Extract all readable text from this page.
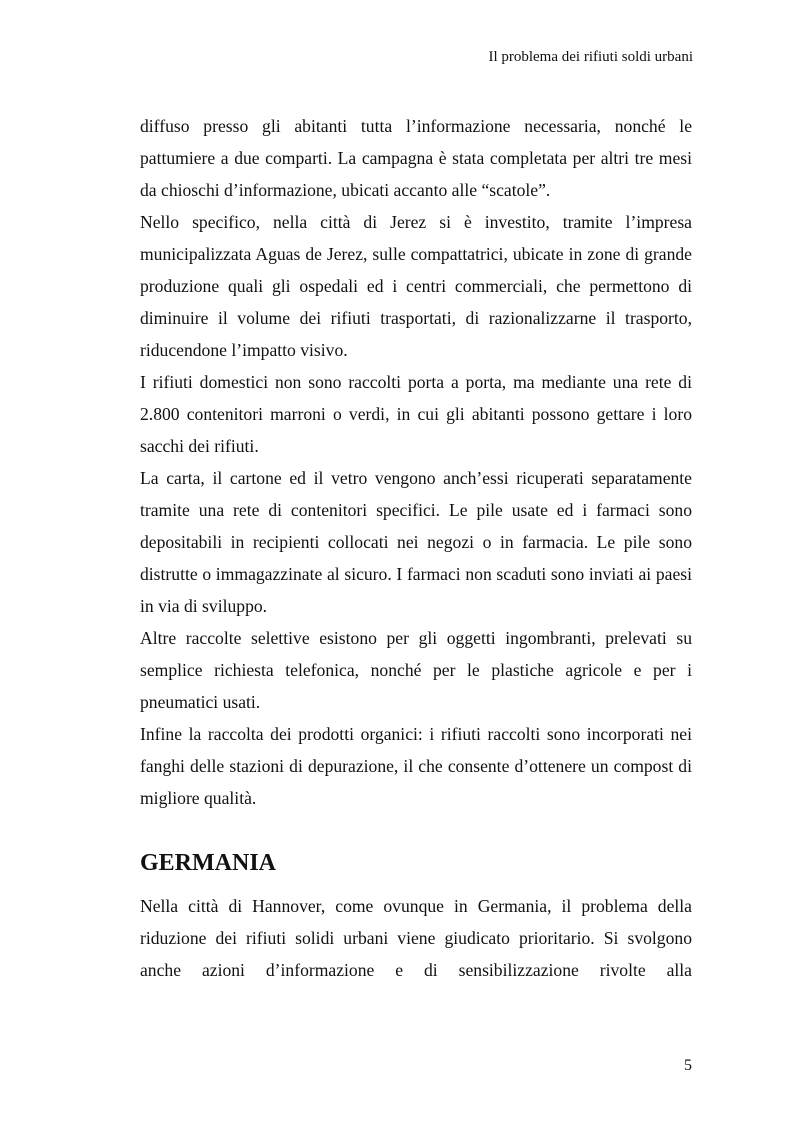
Il problema dei rifiuti soldi urbani

diffuso presso gli abitanti tutta l’informazione necessaria, nonché le pattumiere a due comparti. La campagna è stata completata per altri tre mesi da chioschi d’informazione, ubicati accanto alle “scatole”.

Nello specifico, nella città di Jerez si è investito, tramite l’impresa municipalizzata Aguas de Jerez, sulle compattatrici, ubicate in zone di grande produzione quali gli ospedali ed i centri commerciali, che permettono di diminuire il volume dei rifiuti trasportati, di razionalizzarne il trasporto, riducendone l’impatto visivo.

I rifiuti domestici non sono raccolti porta a porta, ma mediante una rete di 2.800 contenitori marroni o verdi, in cui gli abitanti possono gettare i loro sacchi dei rifiuti.

La carta, il cartone ed il vetro vengono anch’essi ricuperati separatamente tramite una rete di contenitori specifici. Le pile usate ed i farmaci sono depositabili in recipienti collocati nei negozi o in farmacia. Le pile sono distrutte o immagazzinate al sicuro. I farmaci non scaduti sono inviati ai paesi in via di sviluppo.

Altre raccolte selettive esistono per gli oggetti ingombranti, prelevati su semplice richiesta telefonica, nonché per le plastiche agricole e per i pneumatici usati.

Infine la raccolta dei prodotti organici: i rifiuti raccolti sono incorporati nei fanghi delle stazioni di depurazione, il che consente d’ottenere un compost di migliore qualità.

GERMANIA

Nella città di Hannover, come ovunque in Germania, il problema della riduzione dei rifiuti solidi urbani viene giudicato prioritario. Si svolgono anche azioni d’informazione e di sensibilizzazione rivolte alla

5
